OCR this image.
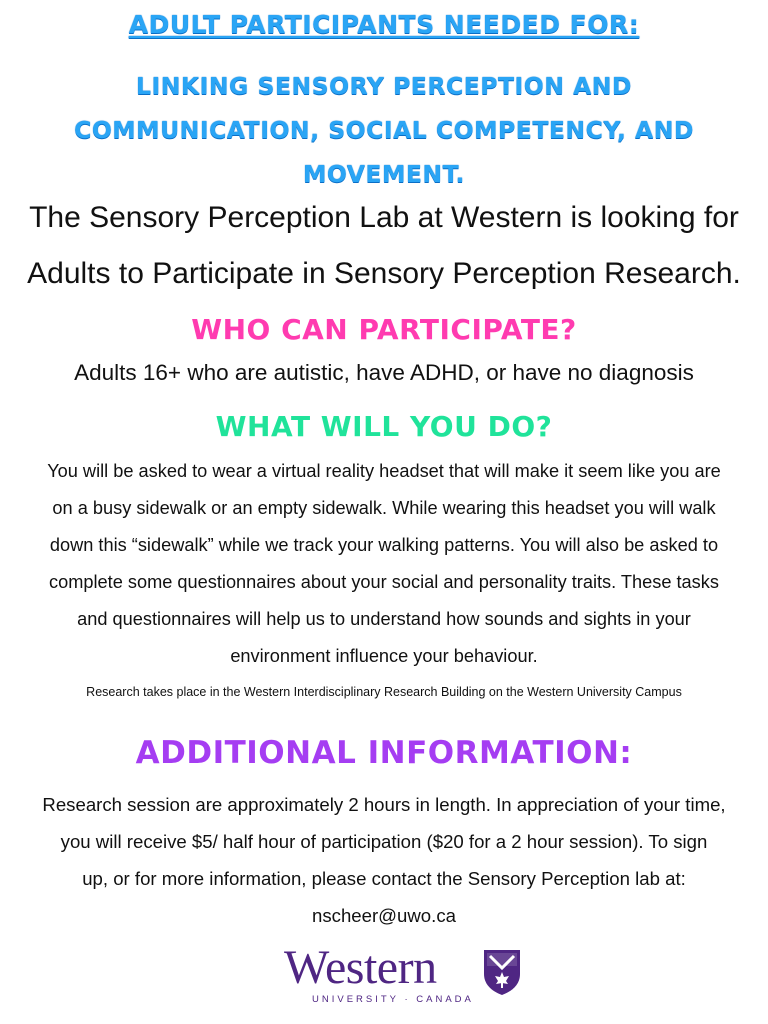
ADULT PARTICIPANTS NEEDED FOR:
LINKING SENSORY PERCEPTION AND COMMUNICATION, SOCIAL COMPETENCY, AND MOVEMENT.
The Sensory Perception Lab at Western is looking for
Adults to Participate in Sensory Perception Research.
WHO CAN PARTICIPATE?
Adults 16+ who are autistic, have ADHD, or have no diagnosis
WHAT WILL YOU DO?
You will be asked to wear a virtual reality headset that will make it seem like you are
on a busy sidewalk or an empty sidewalk. While wearing this headset you will walk
down this “sidewalk” while we track your walking patterns. You will also be asked to
complete some questionnaires about your social and personality traits. These tasks
and questionnaires will help us to understand how sounds and sights in your
environment influence your behaviour.
Research takes place in the Western Interdisciplinary Research Building on the Western University Campus
ADDITIONAL INFORMATION:
Research session are approximately 2 hours in length. In appreciation of your time,
you will receive $5/ half hour of participation ($20 for a 2 hour session). To sign
up, or for more information, please contact the Sensory Perception lab at:
nscheer@uwo.ca
Western
UNIVERSITY · CANADA
